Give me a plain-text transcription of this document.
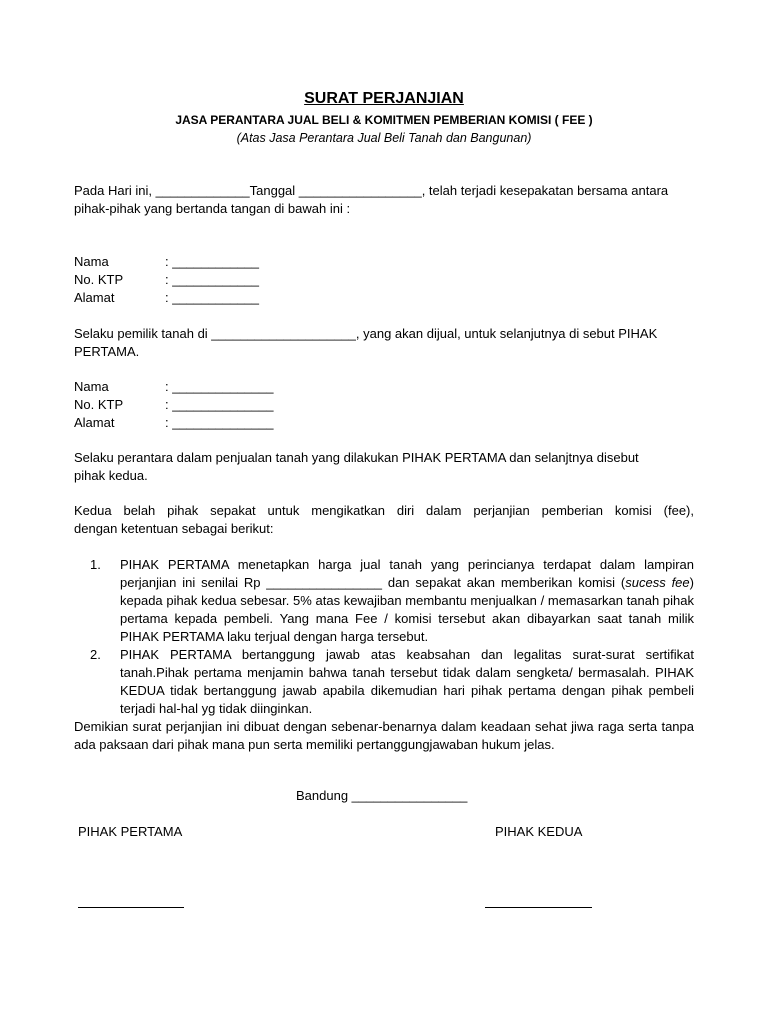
SURAT PERJANJIAN
JASA PERANTARA JUAL BELI & KOMITMEN PEMBERIAN KOMISI ( FEE )
(Atas Jasa Perantara Jual Beli Tanah dan Bangunan)
Pada Hari ini, _____________Tanggal _________________, telah terjadi kesepakatan bersama antara
pihak-pihak yang bertanda tangan di bawah ini :
Nama	: ____________
No. KTP	: ____________
Alamat	: ____________
Selaku pemilik tanah di ____________________, yang akan dijual, untuk selanjutnya di sebut PIHAK
PERTAMA.
Nama	: ______________
No. KTP	: ______________
Alamat	: ______________
Selaku perantara dalam penjualan tanah yang dilakukan PIHAK PERTAMA dan selanjtnya disebut
pihak kedua.
Kedua belah pihak sepakat untuk mengikatkan diri dalam perjanjian pemberian komisi (fee),
dengan ketentuan sebagai berikut:
1.	PIHAK PERTAMA menetapkan harga jual tanah yang perincianya terdapat dalam lampiran perjanjian ini senilai Rp ________________ dan sepakat akan memberikan komisi (sucess fee) kepada pihak kedua sebesar. 5% atas kewajiban membantu menjualkan / memasarkan tanah pihak pertama kepada pembeli. Yang mana Fee / komisi tersebut akan dibayarkan saat tanah milik PIHAK PERTAMA laku terjual dengan harga tersebut.
2.	PIHAK PERTAMA bertanggung jawab atas keabsahan dan legalitas surat-surat sertifikat tanah.Pihak pertama menjamin bahwa tanah tersebut tidak dalam sengketa/ bermasalah. PIHAK KEDUA tidak bertanggung jawab apabila dikemudian hari pihak pertama dengan pihak pembeli terjadi hal-hal yg tidak diinginkan.
Demikian surat perjanjian ini dibuat dengan sebenar-benarnya dalam keadaan sehat jiwa raga serta tanpa ada paksaan dari pihak mana pun serta memiliki pertanggungjawaban hukum jelas.
Bandung ________________
PIHAK PERTAMA	PIHAK KEDUA
